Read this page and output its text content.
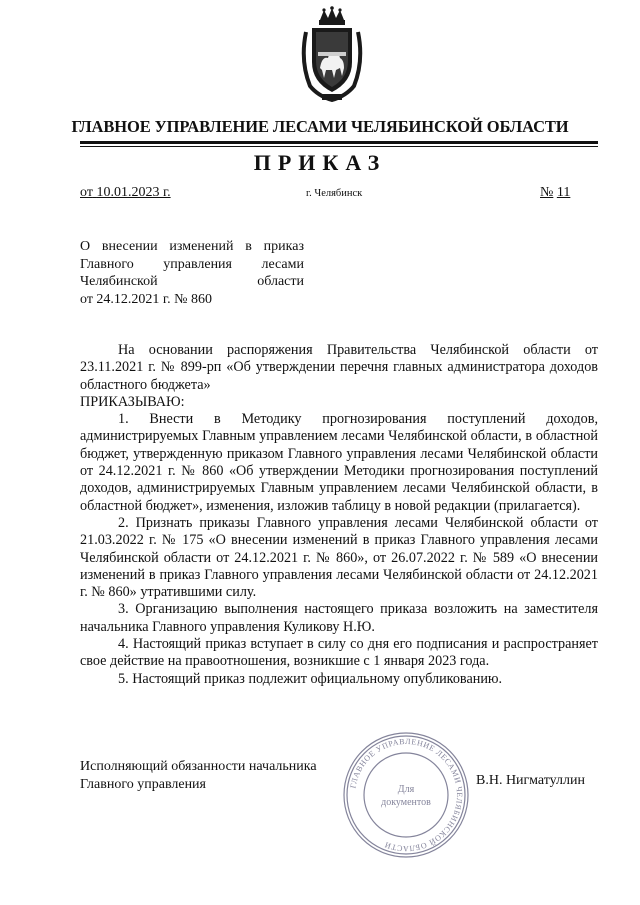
ГЛАВНОЕ УПРАВЛЕНИЕ ЛЕСАМИ ЧЕЛЯБИНСКОЙ ОБЛАСТИ
ПРИКАЗ
от 10.01.2023 г.	г. Челябинск	№ 11
О внесении изменений в приказ
Главного управления лесами
Челябинской области
от 24.12.2021 г. № 860

На основании распоряжения Правительства Челябинской области от 23.11.2021 г. № 899-рп «Об утверждении перечня главных администратора доходов областного бюджета»

ПРИКАЗЫВАЮ:

1. Внести в Методику прогнозирования поступлений доходов, администрируемых Главным управлением лесами Челябинской области, в областной бюджет, утвержденную приказом Главного управления лесами Челябинской области от 24.12.2021 г. № 860 «Об утверждении Методики прогнозирования поступлений доходов, администрируемых Главным управлением лесами Челябинской области, в областной бюджет», изменения, изложив таблицу в новой редакции (прилагается).

2. Признать приказы Главного управления лесами Челябинской области от 21.03.2022 г. № 175 «О внесении изменений в приказ Главного управления лесами Челябинской области от 24.12.2021 г. № 860», от 26.07.2022 г. № 589 «О внесении изменений в приказ Главного управления лесами Челябинской области от 24.12.2021 г. № 860» утратившими силу.

3. Организацию выполнения настоящего приказа возложить на заместителя начальника Главного управления Куликову Н.Ю.

4. Настоящий приказ вступает в силу со дня его подписания и распространяет свое действие на правоотношения, возникшие с 1 января 2023 года.

5. Настоящий приказ подлежит официальному опубликованию.

Исполняющий обязанности начальника
Главного управления	В.Н. Нигматуллин
ГЛАВНОЕ УПРАВЛЕНИЕ ЛЕСАМИ ЧЕЛЯБИНСКОЙ ОБЛАСТИ
Для
документов
